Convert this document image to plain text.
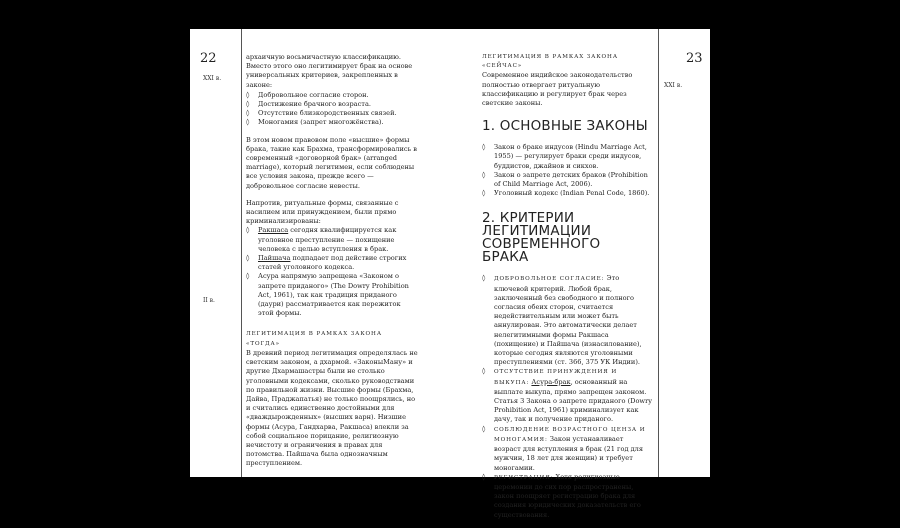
22
XXI в.
II в.

архаичную восьмичастную классификацию. Вместо этого оно легитимирует брак на основе универсальных критериев, закрепленных в законе:

◊ Добровольное согласие сторон.
◊ Достижение брачного возраста.
◊ Отсутствие близкородственных связей.
◊ Моногамия (запрет многожёнства).

В этом новом правовом поле «высшие» формы брака, такие как Брахма, трансформировались в современный «договорной брак» (arranged marriage), который легитимен, если соблюдены все условия закона, прежде всего — добровольное согласие невесты.

Напротив, ритуальные формы, связанные с насилием или принуждением, были прямо криминализированы:

◊ Ракшаса сегодня квалифицируется как уголовное преступление — похищение человека с целью вступления в брак.
◊ Пайшача подпадает под действие строгих статей уголовного кодекса.
◊ Асура напрямую запрещена «Законом о запрете приданого» (The Dowry Prohibition Act, 1961), так как традиция приданого (даури) рассматривается как пережиток этой формы.
ЛЕГИТИМАЦИЯ В РАМКАХ ЗАКОНА «ТОГДА»

В древний период легитимация определялась не светским законом, а дхармой. «ЗаконыМану» и другие Дхармашастры были не столько уголовными кодексами, сколько руководствами по правильной жизни. Высшие формы (Брахма, Дайва, Праджапатья) не только поощрялись, но и считались единственно достойными для «дваждырожденных» (высших варн). Низшие формы (Асура, Гандхарва, Ракшаса) влекли за собой социальное порицание, религиозную нечистоту и ограничения в правах для потомства. Пайшача была однозначным преступлением.

23
XXI в.
ЛЕГИТИМАЦИЯ В РАМКАХ ЗАКОНА «СЕЙЧАС»

Современное индийское законодательство полностью отвергает ритуальную классификацию и регулирует брак через светские законы.

1. ОСНОВНЫЕ ЗАКОНЫ
◊ Закон о браке индусов (Hindu Marriage Act, 1955) — регулирует браки среди индусов, буддистов, джайнов и сикхов.
◊ Закон о запрете детских браков (Prohibition of Child Marriage Act, 2006).
◊ Уголовный кодекс (Indian Penal Code, 1860).
2. КРИТЕРИИ ЛЕГИТИМАЦИИ СОВРЕМЕННОГО БРАКА
◊ ДОБРОВОЛЬНОЕ СОГЛАСИЕ: Это ключевой критерий. Любой брак, заключенный без свободного и полного согласия обеих сторон, считается недействительным или может быть аннулирован. Это автоматически делает нелегитимными формы Ракшаса (похищение) и Пайшача (изнасилование), которые сегодня являются уголовными преступлениями (ст. 366, 375 УК Индии).
◊ ОТСУТСТВИЕ ПРИНУЖДЕНИЯ И ВЫКУПА: Асура-брак, основанный на выплате выкупа, прямо запрещен законом. Статья 3 Закона о запрете приданого (Dowry Prohibition Act, 1961) криминализует как дачу, так и получение приданого.
◊ СОБЛЮДЕНИЕ ВОЗРАСТНОГО ЦЕНЗА И МОНОГАМИЯ: Закон устанавливает возраст для вступления в брак (21 год для мужчин, 18 лет для женщин) и требует моногамии.
◊ РЕГИСТРАЦИЯ: Хотя религиозные церемонии до сих пор распространены, закон поощряет регистрацию брака для создания юридических доказательств его существования.
